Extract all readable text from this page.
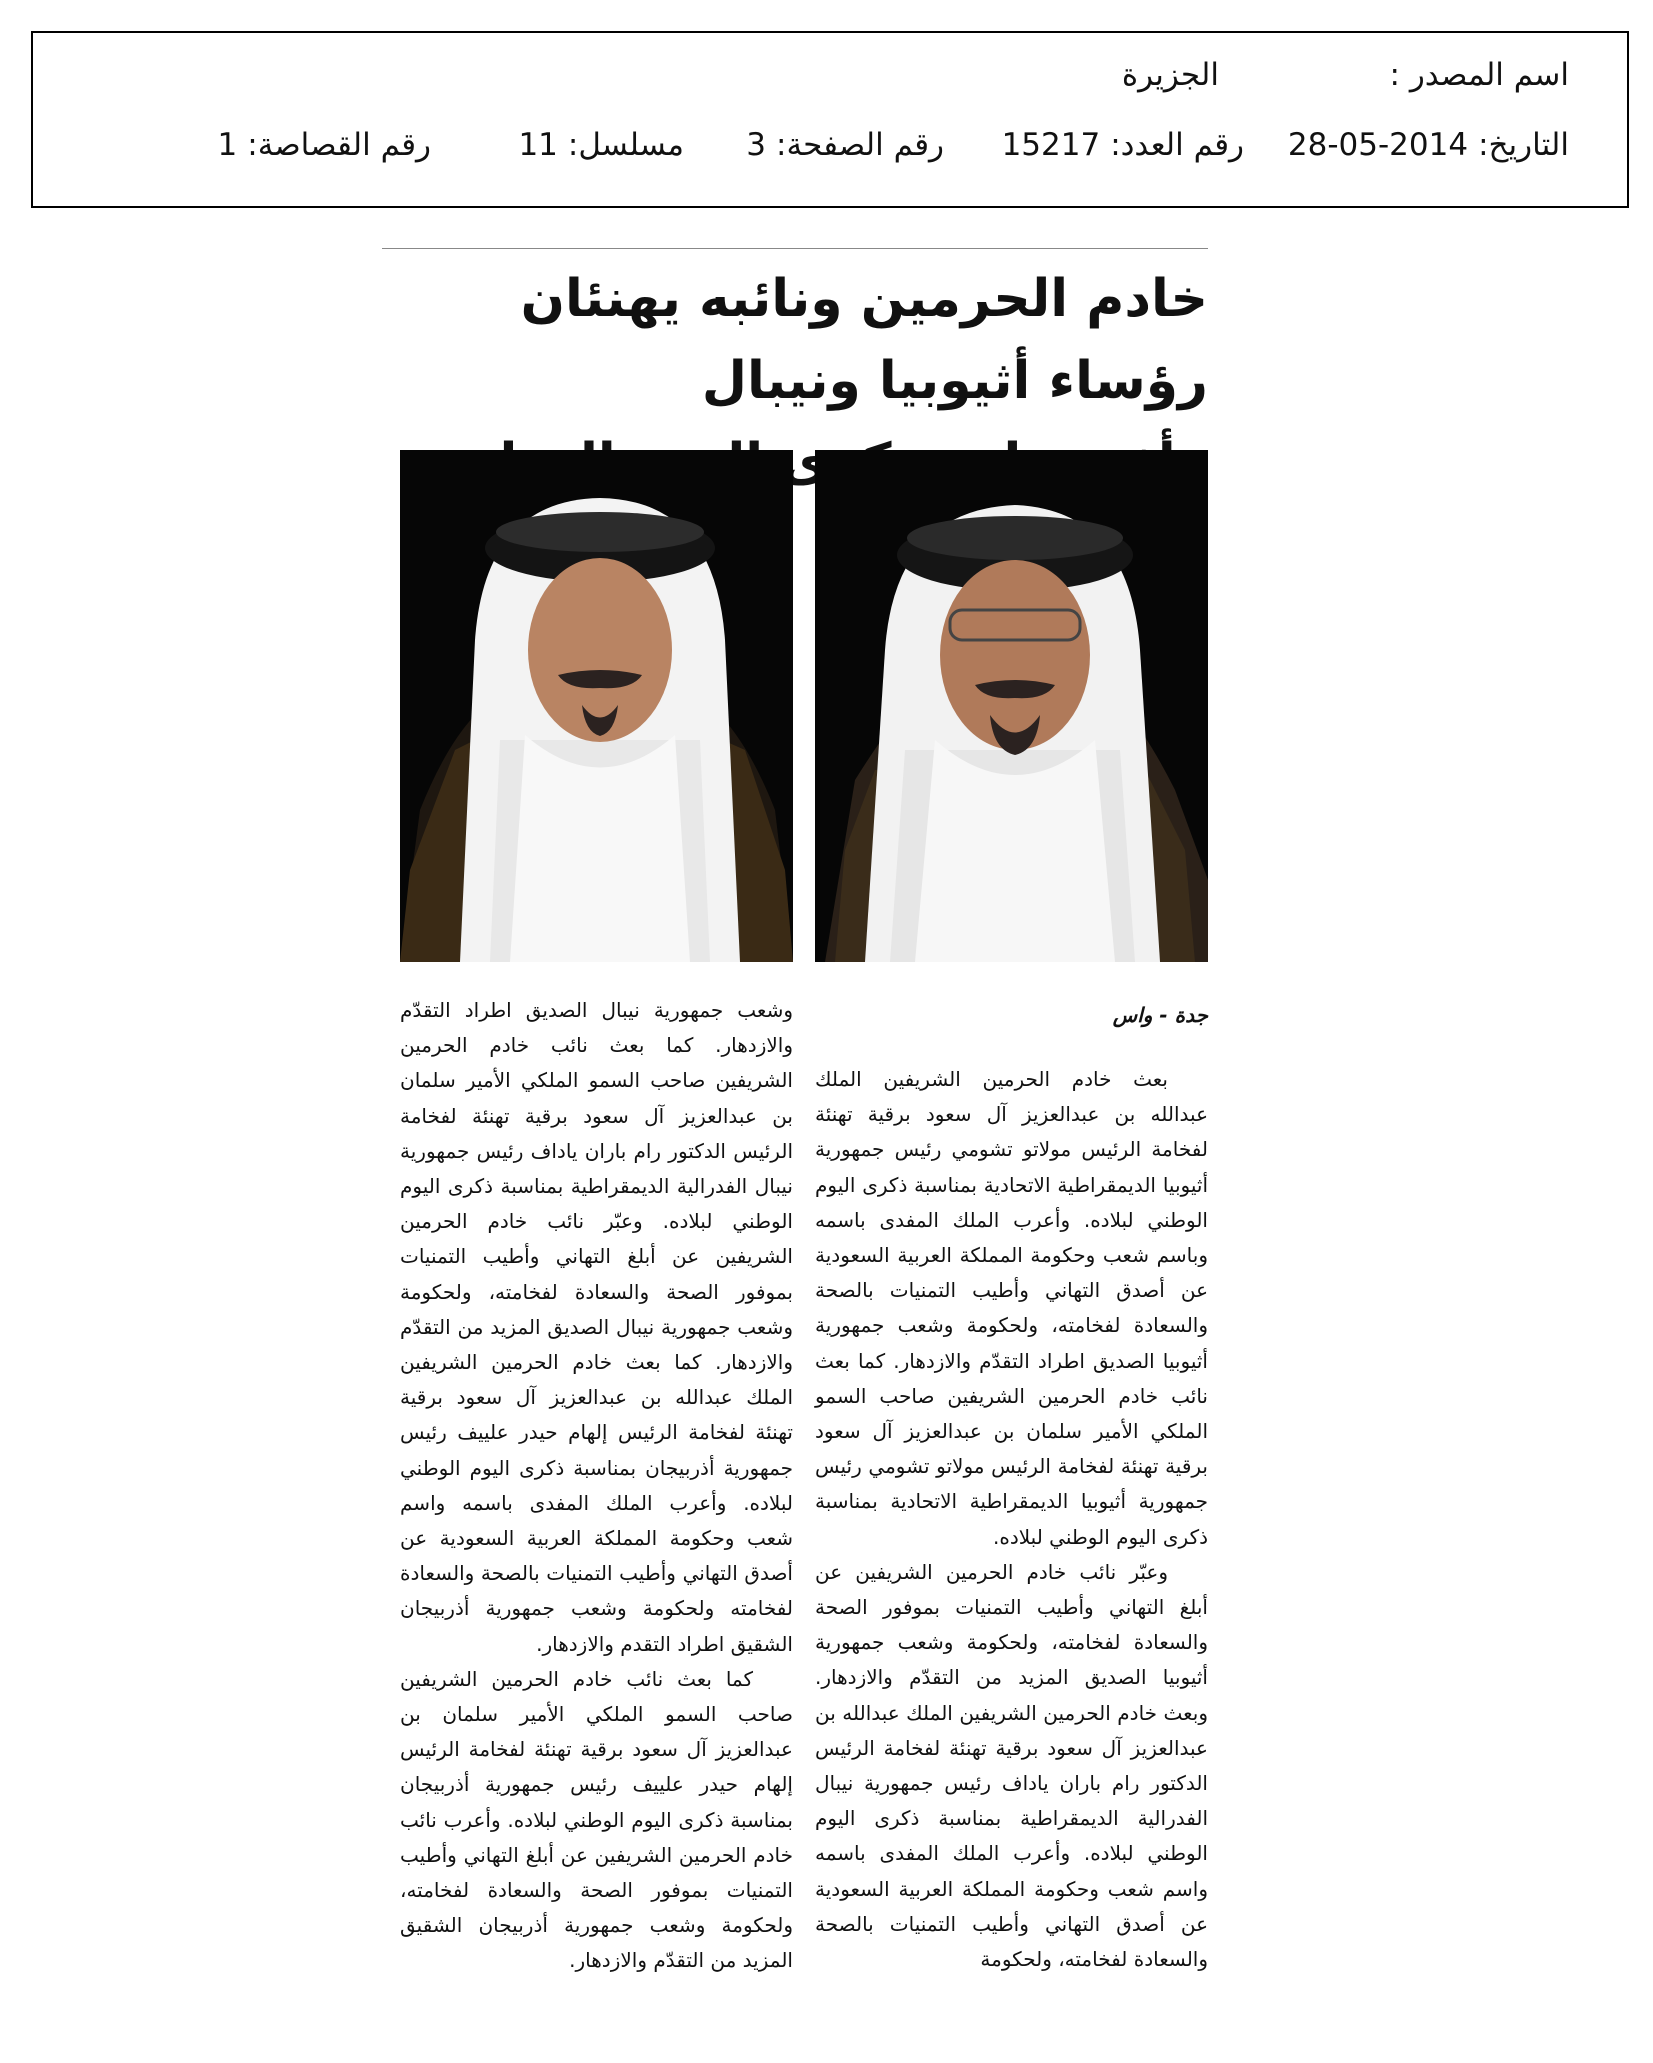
اسم المصدر :
الجزيرة
التاريخ:2014-05-28
رقم العدد:15217
رقم الصفحة:3
مسلسل:11
رقم القصاصة:1
خادم الحرمين ونائبه يهنئان رؤساء أثيوبيا ونيبال
جدة - واس

بعث خادم الحرمين الشريفين الملك عبدالله بن عبدالعزيز آل سعود برقية تهنئة لفخامة الرئيس مولاتو تشومي رئيس جمهورية أثيوبيا الديمقراطية الاتحادية بمناسبة ذكرى اليوم الوطني لبلاده. وأعرب الملك المفدى باسمه وباسم شعب وحكومة المملكة العربية السعودية عن أصدق التهاني وأطيب التمنيات بالصحة والسعادة لفخامته، ولحكومة وشعب جمهورية أثيوبيا الصديق اطراد التقدّم والازدهار. كما بعث نائب خادم الحرمين الشريفين صاحب السمو الملكي الأمير سلمان بن عبدالعزيز آل سعود برقية تهنئة لفخامة الرئيس مولاتو تشومي رئيس جمهورية أثيوبيا الديمقراطية الاتحادية بمناسبة ذكرى اليوم الوطني لبلاده.

وعبّر نائب خادم الحرمين الشريفين عن أبلغ التهاني وأطيب التمنيات بموفور الصحة والسعادة لفخامته، ولحكومة وشعب جمهورية أثيوبيا الصديق المزيد من التقدّم والازدهار. وبعث خادم الحرمين الشريفين الملك عبدالله بن عبدالعزيز آل سعود برقية تهنئة لفخامة الرئيس الدكتور رام باران ياداف رئيس جمهورية نيبال الفدرالية الديمقراطية بمناسبة ذكرى اليوم الوطني لبلاده. وأعرب الملك المفدى باسمه واسم شعب وحكومة المملكة العربية السعودية عن أصدق التهاني وأطيب التمنيات بالصحة والسعادة لفخامته، ولحكومة

وشعب جمهورية نيبال الصديق اطراد التقدّم والازدهار. كما بعث نائب خادم الحرمين الشريفين صاحب السمو الملكي الأمير سلمان بن عبدالعزيز آل سعود برقية تهنئة لفخامة الرئيس الدكتور رام باران ياداف رئيس جمهورية نيبال الفدرالية الديمقراطية بمناسبة ذكرى اليوم الوطني لبلاده. وعبّر نائب خادم الحرمين الشريفين عن أبلغ التهاني وأطيب التمنيات بموفور الصحة والسعادة لفخامته، ولحكومة وشعب جمهورية نيبال الصديق المزيد من التقدّم والازدهار. كما بعث خادم الحرمين الشريفين الملك عبدالله بن عبدالعزيز آل سعود برقية تهنئة لفخامة الرئيس إلهام حيدر علييف رئيس جمهورية أذربيجان بمناسبة ذكرى اليوم الوطني لبلاده. وأعرب الملك المفدى باسمه واسم شعب وحكومة المملكة العربية السعودية عن أصدق التهاني وأطيب التمنيات بالصحة والسعادة لفخامته ولحكومة وشعب جمهورية أذربيجان الشقيق اطراد التقدم والازدهار.

كما بعث نائب خادم الحرمين الشريفين صاحب السمو الملكي الأمير سلمان بن عبدالعزيز آل سعود برقية تهنئة لفخامة الرئيس إلهام حيدر علييف رئيس جمهورية أذربيجان بمناسبة ذكرى اليوم الوطني لبلاده. وأعرب نائب خادم الحرمين الشريفين عن أبلغ التهاني وأطيب التمنيات بموفور الصحة والسعادة لفخامته، ولحكومة وشعب جمهورية أذربيجان الشقيق المزيد من التقدّم والازدهار.
